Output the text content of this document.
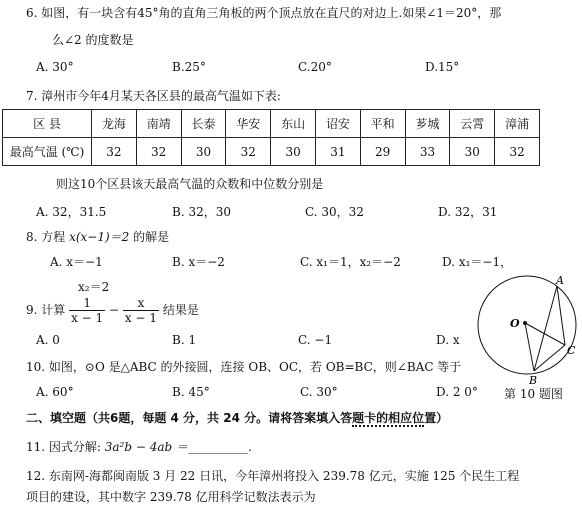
6. 如图，有一块含有45°角的直角三角板的两个顶点放在直尺的对边上.如果∠1＝20°，那
么∠2 的度数是
A. 30°	B.25°	C.20°	D.15°
7. 漳州市今年4月某天各区县的最高气温如下表:
区 县	龙海	南靖	长泰	华安	东山	诏安	平和	芗城	云霄	漳浦
最高气温 (℃)	32	32	30	32	30	31	29	33	30	32
则这10个区县该天最高气温的众数和中位数分别是
A. 32，31.5	B. 32，30	C. 30，32	D. 32，31
8. 方程 x(x−1)＝2 的解是
A. x＝−1	B. x＝−2	C. x₁＝1，x₂＝−2	D. x₁＝−1，
x₂＝2
9. 计算 $\frac{1}{x - 1} - \frac{x}{x - 1}$ 结果是
A. 0	B. 1	C. −1	D. x
10. 如图，⊙O 是△ABC 的外接圆，连接 OB、OC，若 OB=BC，则∠BAC 等于
A. 60°	B. 45°	C. 30°	D. 2 0° 第 10 题图
A
B
C
O
二、填空题（共6题，每题 4 分，共 24 分。请将答案填入答题卡的相应位置）
11. 因式分解: 3a²b − 4ab ＝__________.
12. 东南网-海都闽南版 3 月 22 日讯，今年漳州将投入 239.78 亿元，实施 125 个民生工程
项目的建设，其中数字 239.78 亿用科学记数法表示为
